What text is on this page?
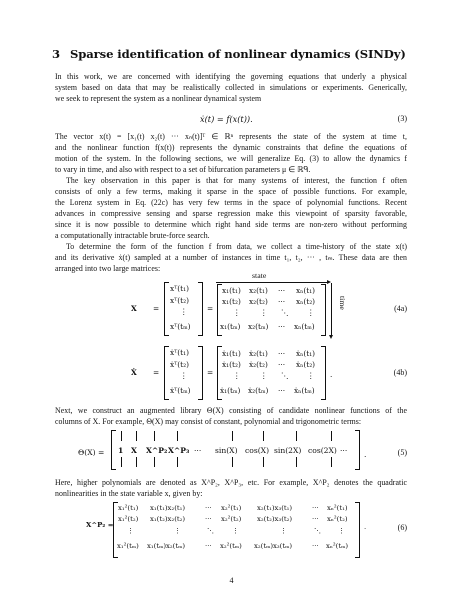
3 Sparse identification of nonlinear dynamics (SINDy)
In this work, we are concerned with identifying the governing equations that underly a physical
system based on data that may be realistically collected in simulations or experiments. Generically,
we seek to represent the system as a nonlinear dynamical system
ẋ(t) = f(x(t)).	(3)
The vector x(t) = [x₁(t) x₂(t) ··· xₙ(t)]ᵀ ∈ ℝⁿ represents the state of the system at time t,
and the nonlinear function f(x(t)) represents the dynamic constraints that define the equations of
motion of the system. In the following sections, we will generalize Eq. (3) to allow the dynamics f
to vary in time, and also with respect to a set of bifurcation parameters μ ∈ ℝᑫ.
The key observation in this paper is that for many systems of interest, the function f often
consists of only a few terms, making it sparse in the space of possible functions. For example,
the Lorenz system in Eq. (22c) has very few terms in the space of polynomial functions. Recent
advances in compressive sensing and sparse regression make this viewpoint of sparsity favorable,
since it is now possible to determine which right hand side terms are non-zero without performing
a computationally intractable brute-force search.
To determine the form of the function f from data, we collect a time-history of the state x(t)
and its derivative ẋ(t) sampled at a number of instances in time t₁, t₂, ··· , tₘ. These data are then
arranged into two large matrices:
X =
xᵀ(t₁)
xᵀ(t₂)
⋮
xᵀ(tₘ)
=
state
time
x₁(t₁) x₂(t₁) ··· xₙ(t₁)
x₁(t₂) x₂(t₂) ··· xₙ(t₂)
⋮	⋮ ⋱	⋮
x₁(tₘ) x₂(tₘ) ··· xₙ(tₘ)
(4a)
Ẋ =
ẋᵀ(t₁)
ẋᵀ(t₂)
⋮
ẋᵀ(tₘ)
=	.
ẋ₁(t₁) ẋ₂(t₁) ··· ẋₙ(t₁)
ẋ₁(t₂) ẋ₂(t₂) ··· ẋₙ(t₂)
⋮	⋮ ⋱	⋮
ẋ₁(tₘ) ẋ₂(tₘ) ··· ẋₙ(tₘ)
(4b)
Next, we construct an augmented library Θ(X) consisting of candidate nonlinear functions of the
columns of X. For example, Θ(X) may consist of constant, polynomial and trigonometric terms:
Θ(X) =	.
1 X X^P₂ X^P₃ ··· sin(X) cos(X) sin(2X) cos(2X) ···	(5)
Here, higher polynomials are denoted as X^P₂, X^P₃, etc. For example, X^P₂ denotes the quadratic
nonlinearities in the state variable x, given by:
X^P₂ =	.
x₁²(t₁) x₁(t₁)x₂(t₁)	··· x₂²(t₁) x₂(t₁)x₃(t₁)	··· xₙ²(t₁)
x₁²(t₂) x₁(t₂)x₂(t₂)	··· x₂²(t₂) x₂(t₂)x₃(t₂)	··· xₙ²(t₂)
⋮	⋮	⋱	⋮	⋮	⋱ ⋮
x₁²(tₘ) x₁(tₘ)x₂(tₘ)	··· x₂²(tₘ) x₂(tₘ)x₃(tₘ)	··· xₙ²(tₘ)
(6)
4
